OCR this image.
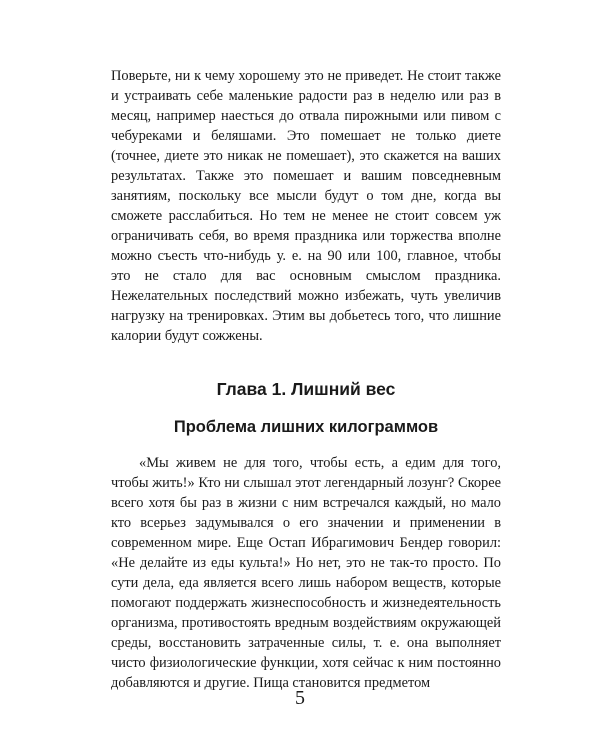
Поверьте, ни к чему хорошему это не приведет. Не стоит также и устраивать себе маленькие радости раз в неделю или раз в месяц, например наесться до отвала пирожными или пивом с чебуреками и беляшами. Это помешает не только диете (точнее, диете это никак не помешает), это скажется на ваших результатах. Также это помешает и вашим повседневным занятиям, поскольку все мысли будут о том дне, когда вы сможете расслабиться. Но тем не менее не стоит совсем уж ограничивать себя, во время праздника или торжества вполне можно съесть что-нибудь у. е. на 90 или 100, главное, чтобы это не стало для вас основным смыслом праздника. Нежелательных последствий можно избежать, чуть увеличив нагрузку на тренировках. Этим вы добьетесь того, что лишние калории будут сожжены.

Глава 1. Лишний вес
Проблема лишних килограммов

«Мы живем не для того, чтобы есть, а едим для того, чтобы жить!» Кто ни слышал этот легендарный лозунг? Скорее всего хотя бы раз в жизни с ним встречался каждый, но мало кто всерьез задумывался о его значении и применении в современном мире. Еще Остап Ибрагимович Бендер говорил: «Не делайте из еды культа!» Но нет, это не так-то просто. По сути дела, еда является всего лишь набором веществ, которые помогают поддержать жизнеспособность и жизнедеятельность организма, противостоять вредным воздействиям окружающей среды, восстановить затраченные силы, т. е. она выполняет чисто физиологические функции, хотя сейчас к ним постоянно добавляются и другие. Пища становится предметом

5
